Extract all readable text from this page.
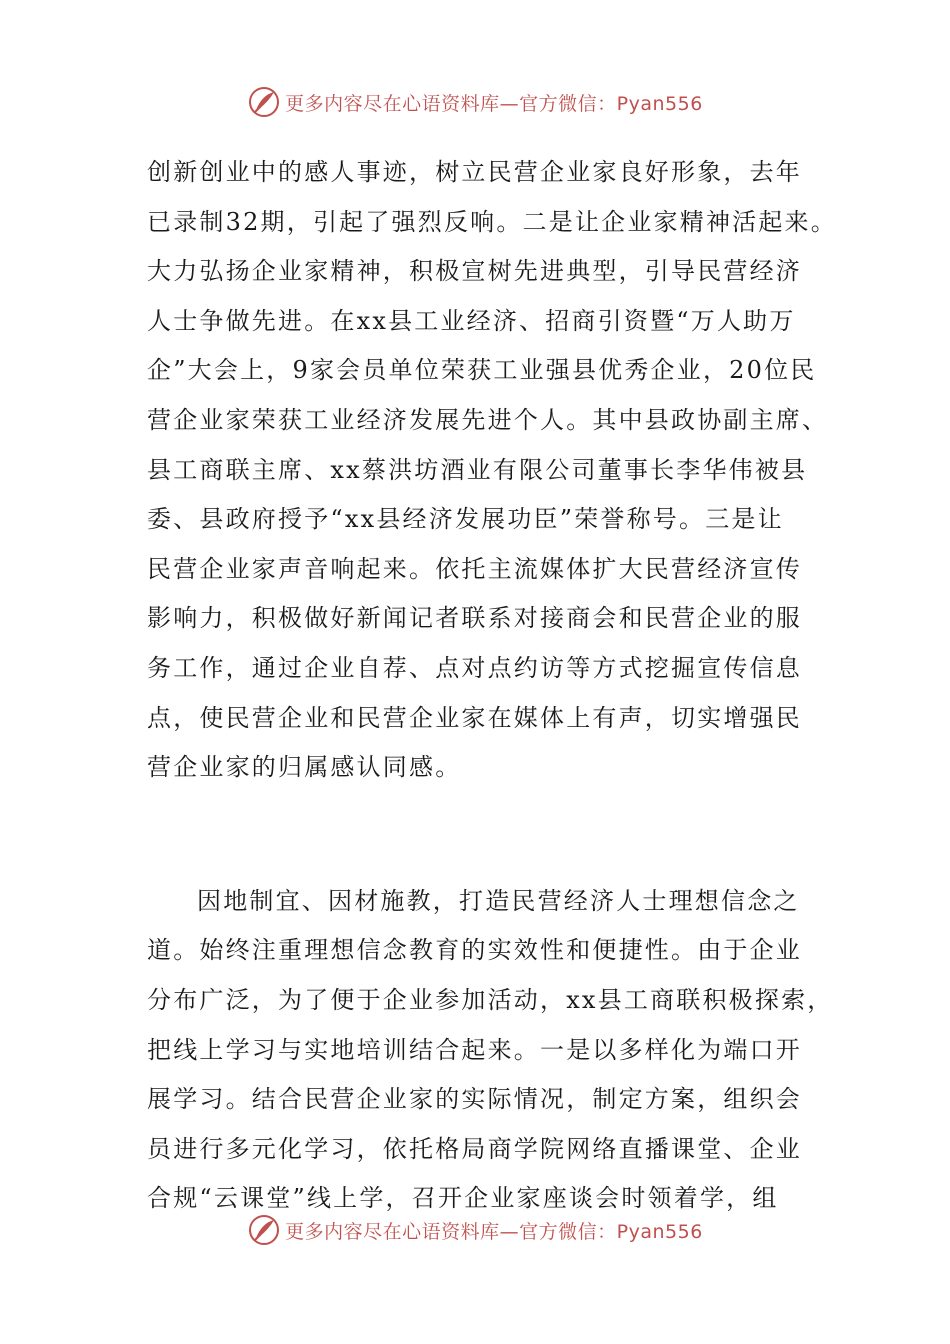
更多内容尽在心语资料库—官方微信：Pyan556
创新创业中的感人事迹，树立民营企业家良好形象，去年
已录制32期，引起了强烈反响。二是让企业家精神活起来。
大力弘扬企业家精神，积极宣树先进典型，引导民营经济
人士争做先进。在xx县工业经济、招商引资暨“万人助万
企”大会上，9家会员单位荣获工业强县优秀企业，20位民
营企业家荣获工业经济发展先进个人。其中县政协副主席、
县工商联主席、xx蔡洪坊酒业有限公司董事长李华伟被县
委、县政府授予“xx县经济发展功臣”荣誉称号。三是让
民营企业家声音响起来。依托主流媒体扩大民营经济宣传
影响力，积极做好新闻记者联系对接商会和民营企业的服
务工作，通过企业自荐、点对点约访等方式挖掘宣传信息
点，使民营企业和民营企业家在媒体上有声，切实增强民
营企业家的归属感认同感。
因地制宜、因材施教，打造民营经济人士理想信念之
道。始终注重理想信念教育的实效性和便捷性。由于企业
分布广泛，为了便于企业参加活动，xx县工商联积极探索，
把线上学习与实地培训结合起来。一是以多样化为端口开
展学习。结合民营企业家的实际情况，制定方案，组织会
员进行多元化学习，依托格局商学院网络直播课堂、企业
合规“云课堂”线上学，召开企业家座谈会时领着学，组
更多内容尽在心语资料库—官方微信：Pyan556
